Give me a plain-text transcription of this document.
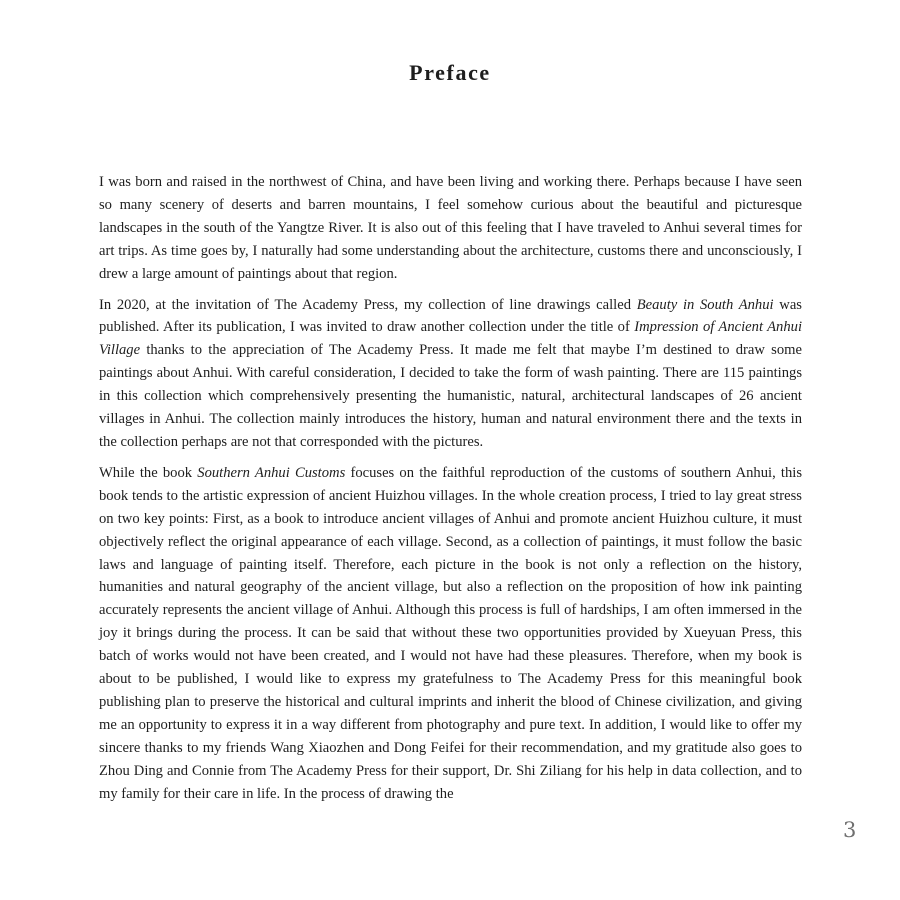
Preface

I was born and raised in the northwest of China, and have been living and working there. Perhaps because I have seen so many scenery of deserts and barren mountains, I feel somehow curious about the beautiful and picturesque landscapes in the south of the Yangtze River. It is also out of this feeling that I have traveled to Anhui several times for art trips. As time goes by, I naturally had some understanding about the architecture, customs there and unconsciously, I drew a large amount of paintings about that region.

In 2020, at the invitation of The Academy Press, my collection of line drawings called Beauty in South Anhui was published. After its publication, I was invited to draw another collection under the title of Impression of Ancient Anhui Village thanks to the appreciation of The Academy Press. It made me felt that maybe I’m destined to draw some paintings about Anhui. With careful consideration, I decided to take the form of wash painting. There are 115 paintings in this collection which comprehensively presenting the humanistic, natural, architectural landscapes of 26 ancient villages in Anhui. The collection mainly introduces the history, human and natural environment there and the texts in the collection perhaps are not that corresponded with the pictures.

While the book Southern Anhui Customs focuses on the faithful reproduction of the customs of southern Anhui, this book tends to the artistic expression of ancient Huizhou villages. In the whole creation process, I tried to lay great stress on two key points: First, as a book to introduce ancient villages of Anhui and promote ancient Huizhou culture, it must objectively reflect the original appearance of each village. Second, as a collection of paintings, it must follow the basic laws and language of painting itself. Therefore, each picture in the book is not only a reflection on the history, humanities and natural geography of the ancient village, but also a reflection on the proposition of how ink painting accurately represents the ancient village of Anhui. Although this process is full of hardships, I am often immersed in the joy it brings during the process. It can be said that without these two opportunities provided by Xueyuan Press, this batch of works would not have been created, and I would not have had these pleasures. Therefore, when my book is about to be published, I would like to express my gratefulness to The Academy Press for this meaningful book publishing plan to preserve the historical and cultural imprints and inherit the blood of Chinese civilization, and giving me an opportunity to express it in a way different from photography and pure text. In addition, I would like to offer my sincere thanks to my friends Wang Xiaozhen and Dong Feifei for their recommendation, and my gratitude also goes to Zhou Ding and Connie from The Academy Press for their support, Dr. Shi Ziliang for his help in data collection, and to my family for their care in life. In the process of drawing the

3
